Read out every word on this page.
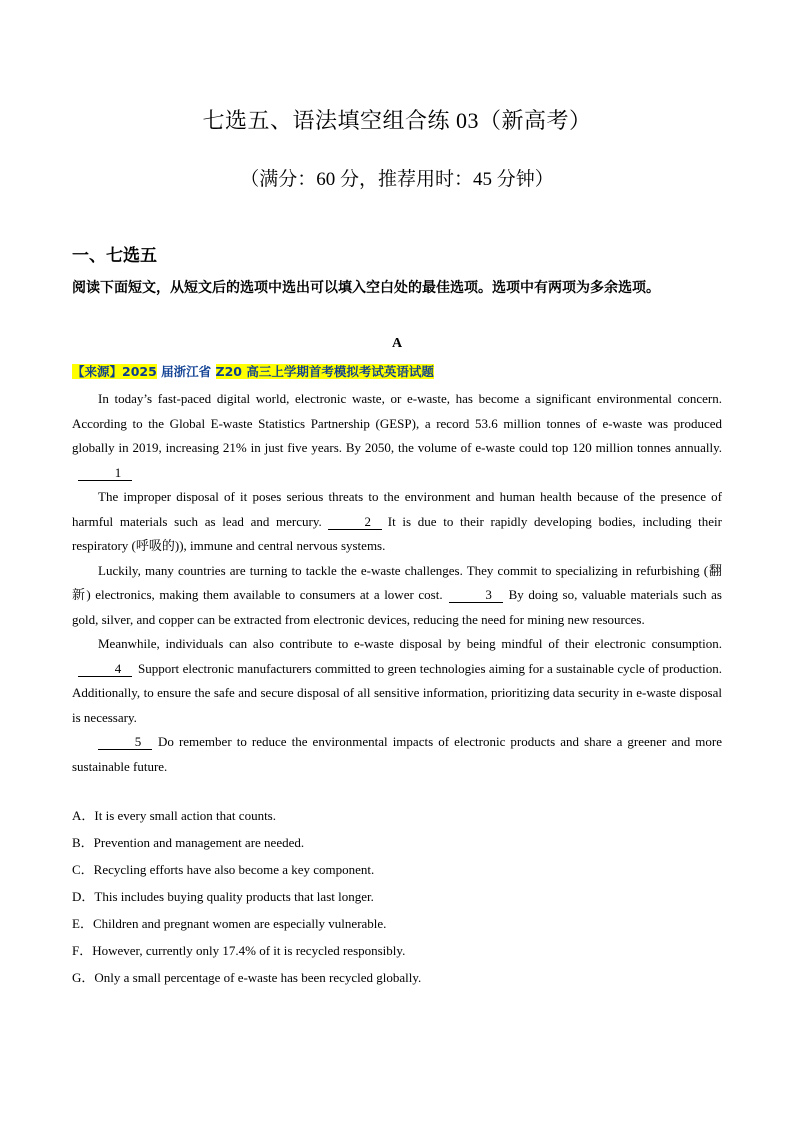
七选五、语法填空组合练 03（新高考）
（满分：60 分，推荐用时：45 分钟）
一、七选五
阅读下面短文，从短文后的选项中选出可以填入空白处的最佳选项。选项中有两项为多余选项。
A
【来源】2025 届浙江省 Z20 高三上学期首考模拟考试英语试题

In today’s fast-paced digital world, electronic waste, or e-waste, has become a significant environmental concern. According to the Global E-waste Statistics Partnership (GESP), a record 53.6 million tonnes of e-waste was produced globally in 2019, increasing 21% in just five years. By 2050, the volume of e-waste could top 120 million tonnes annually.1

The improper disposal of it poses serious threats to the environment and human health because of the presence of harmful materials such as lead and mercury.	2 It is due to their rapidly developing bodies, including their respiratory (呼吸的)), immune and central nervous systems.

Luckily, many countries are turning to tackle the e-waste challenges. They commit to specializing in refurbishing (翻新) electronics, making them available to consumers at a lower cost.	3 By doing so, valuable materials such as gold, silver, and copper can be extracted from electronic devices, reducing the need for mining new resources.

Meanwhile, individuals can also contribute to e-waste disposal by being mindful of their electronic consumption.4 Support electronic manufacturers committed to green technologies aiming for a sustainable cycle of production. Additionally, to ensure the safe and secure disposal of all sensitive information, prioritizing data security in e-waste disposal is necessary.

5 Do remember to reduce the environmental impacts of electronic products and share a greener and more sustainable future.

A．It is every small action that counts.
B．Prevention and management are needed.
C．Recycling efforts have also become a key component.
D．This includes buying quality products that last longer.
E．Children and pregnant women are especially vulnerable.
F．However, currently only 17.4% of it is recycled responsibly.
G．Only a small percentage of e-waste has been recycled globally.
